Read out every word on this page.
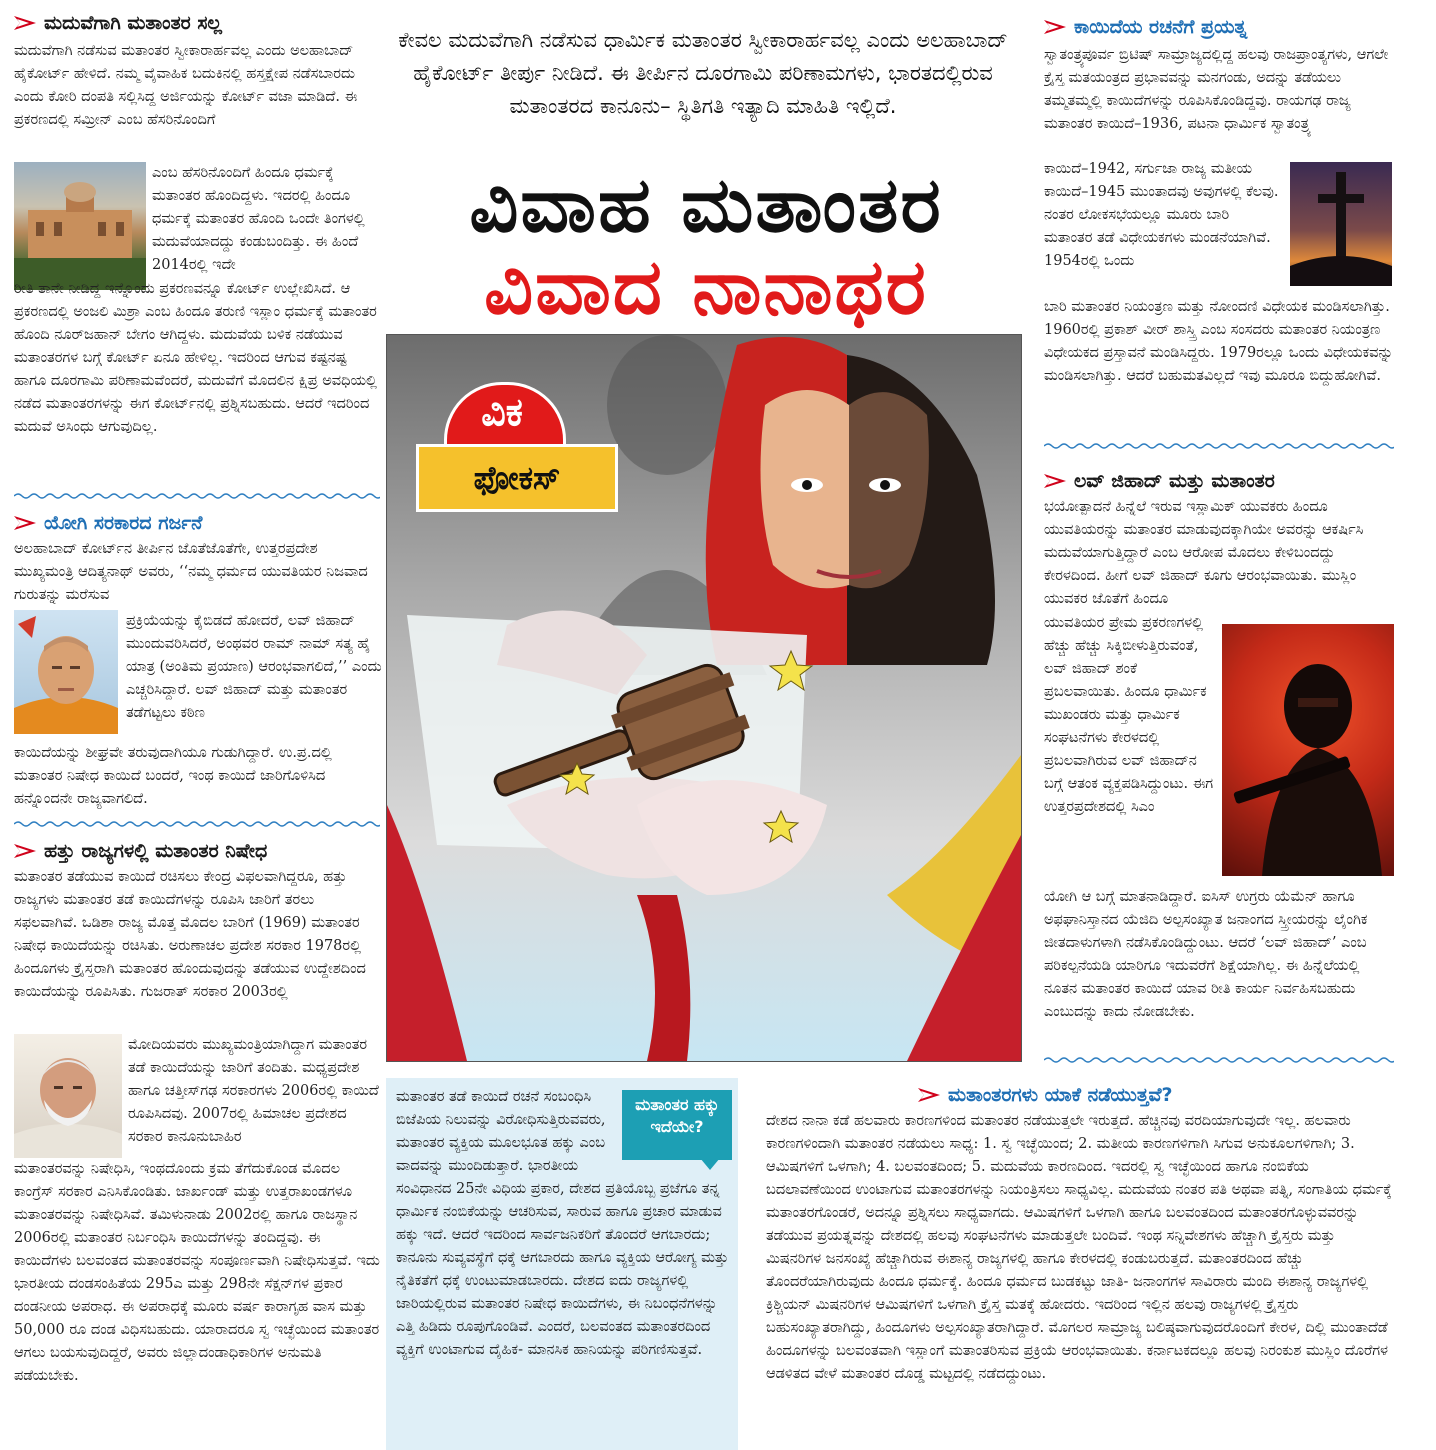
ಮದುವೆಗಾಗಿ ಮತಾಂತರ ಸಲ್ಲ

ಮದುವೆಗಾಗಿ ನಡೆಸುವ ಮತಾಂತರ ಸ್ವೀಕಾರಾರ್ಹವಲ್ಲ ಎಂದು ಅಲಹಾಬಾದ್ ಹೈಕೋರ್ಟ್ ಹೇಳಿದೆ. ನಮ್ಮ ವೈವಾಹಿಕ ಬದುಕಿನಲ್ಲಿ ಹಸ್ತಕ್ಷೇಪ ನಡೆಸಬಾರದು ಎಂದು ಕೋರಿ ದಂಪತಿ ಸಲ್ಲಿಸಿದ್ದ ಅರ್ಜಿಯನ್ನು ಕೋರ್ಟ್ ವಜಾ ಮಾಡಿದೆ. ಈ ಪ್ರಕರಣದಲ್ಲಿ ಸಮ್ರೀನ್ ಎಂಬ ಹೆಸರಿನೊಂದಿಗೆ

ಎಂಬ ಹೆಸರಿನೊಂದಿಗೆ ಹಿಂದೂ ಧರ್ಮಕ್ಕೆ ಮತಾಂತರ ಹೊಂದಿದ್ದಳು. ಇದರಲ್ಲಿ ಹಿಂದೂ ಧರ್ಮಕ್ಕೆ ಮತಾಂತರ ಹೊಂದಿ ಒಂದೇ ತಿಂಗಳಲ್ಲಿ ಮದುವೆಯಾದದ್ದು ಕಂಡುಬಂದಿತ್ತು. ಈ ಹಿಂದೆ 2014ರಲ್ಲಿ ಇದೇ

ರೀತಿ ತಾನೇ ನೀಡಿದ್ದ ಇನ್ನೊಂದು ಪ್ರಕರಣವನ್ನೂ ಕೋರ್ಟ್ ಉಲ್ಲೇಖಿಸಿದೆ. ಆ ಪ್ರಕರಣದಲ್ಲಿ ಅಂಜಲಿ ಮಿಶ್ರಾ ಎಂಬ ಹಿಂದೂ ತರುಣಿ ಇಸ್ಲಾಂ ಧರ್ಮಕ್ಕೆ ಮತಾಂತರ ಹೊಂದಿ ನೂರ್‌ಜಹಾನ್ ಬೇಗಂ ಆಗಿದ್ದಳು. ಮದುವೆಯ ಬಳಿಕ ನಡೆಯುವ ಮತಾಂತರಗಳ ಬಗ್ಗೆ ಕೋರ್ಟ್ ಏನೂ ಹೇಳಿಲ್ಲ. ಇದರಿಂದ ಆಗುವ ಕಷ್ಟನಷ್ಟ ಹಾಗೂ ದೂರಗಾಮಿ ಪರಿಣಾಮವೆಂದರೆ, ಮದುವೆಗೆ ಮೊದಲಿನ ಕ್ಷಿಪ್ರ ಅವಧಿಯಲ್ಲಿ ನಡೆದ ಮತಾಂತರಗಳನ್ನು ಈಗ ಕೋರ್ಟ್‌ನಲ್ಲಿ ಪ್ರಶ್ನಿಸಬಹುದು. ಆದರೆ ಇದರಿಂದ ಮದುವೆ ಅಸಿಂಧು ಆಗುವುದಿಲ್ಲ.

ಯೋಗಿ ಸರಕಾರದ ಗರ್ಜನೆ

ಅಲಹಾಬಾದ್ ಕೋರ್ಟ್‌ನ ತೀರ್ಪಿನ ಜೊತೆಜೊತೆಗೇ, ಉತ್ತರಪ್ರದೇಶ ಮುಖ್ಯಮಂತ್ರಿ ಆದಿತ್ಯನಾಥ್ ಅವರು, ‘‘ನಮ್ಮ ಧರ್ಮದ ಯುವತಿಯರ ನಿಜವಾದ ಗುರುತನ್ನು ಮರೆಸುವ

ಪ್ರಕ್ರಿಯೆಯನ್ನು ಕೈಬಿಡದೆ ಹೋದರೆ, ಲವ್ ಜಿಹಾದ್ ಮುಂದುವರಿಸಿದರೆ, ಅಂಥವರ ರಾಮ್ ನಾಮ್ ಸತ್ಯ ಹೈ ಯಾತ್ರ (ಅಂತಿಮ ಪ್ರಯಾಣ) ಆರಂಭವಾಗಲಿದೆ,’’ ಎಂದು ಎಚ್ಚರಿಸಿದ್ದಾರೆ. ಲವ್ ಜಿಹಾದ್ ಮತ್ತು ಮತಾಂತರ ತಡೆಗಟ್ಟಲು ಕಠಿಣ

ಕಾಯಿದೆಯನ್ನು ಶೀಘ್ರವೇ ತರುವುದಾಗಿಯೂ ಗುಡುಗಿದ್ದಾರೆ. ಉ.ಪ್ರ.ದಲ್ಲಿ ಮತಾಂತರ ನಿಷೇಧ ಕಾಯಿದೆ ಬಂದರೆ, ಇಂಥ ಕಾಯಿದೆ ಜಾರಿಗೊಳಿಸಿದ ಹನ್ನೊಂದನೇ ರಾಜ್ಯವಾಗಲಿದೆ.

ಹತ್ತು ರಾಜ್ಯಗಳಲ್ಲಿ ಮತಾಂತರ ನಿಷೇಧ

ಮತಾಂತರ ತಡೆಯುವ ಕಾಯಿದೆ ರಚಿಸಲು ಕೇಂದ್ರ ವಿಫಲವಾಗಿದ್ದರೂ, ಹತ್ತು ರಾಜ್ಯಗಳು ಮತಾಂತರ ತಡೆ ಕಾಯಿದೆಗಳನ್ನು ರೂಪಿಸಿ ಜಾರಿಗೆ ತರಲು ಸಫಲವಾಗಿವೆ. ಒಡಿಶಾ ರಾಜ್ಯ ಮೊತ್ತ ಮೊದಲ ಬಾರಿಗೆ (1969) ಮತಾಂತರ ನಿಷೇಧ ಕಾಯಿದೆಯನ್ನು ರಚಿಸಿತು. ಅರುಣಾಚಲ ಪ್ರದೇಶ ಸರಕಾರ 1978ರಲ್ಲಿ ಹಿಂದೂಗಳು ಕ್ರೈಸ್ತರಾಗಿ ಮತಾಂತರ ಹೊಂದುವುದನ್ನು ತಡೆಯುವ ಉದ್ದೇಶದಿಂದ ಕಾಯಿದೆಯನ್ನು ರೂಪಿಸಿತು. ಗುಜರಾತ್ ಸರಕಾರ 2003ರಲ್ಲಿ

ಮೋದಿಯವರು ಮುಖ್ಯಮಂತ್ರಿಯಾಗಿದ್ದಾಗ ಮತಾಂತರ ತಡೆ ಕಾಯಿದೆಯನ್ನು ಜಾರಿಗೆ ತಂದಿತು. ಮಧ್ಯಪ್ರದೇಶ ಹಾಗೂ ಚತ್ತೀಸ್‌ಗಢ ಸರಕಾರಗಳು 2006ರಲ್ಲಿ ಕಾಯಿದೆ ರೂಪಿಸಿದವು. 2007ರಲ್ಲಿ ಹಿಮಾಚಲ ಪ್ರದೇಶದ ಸರಕಾರ ಕಾನೂನುಬಾಹಿರ

ಮತಾಂತರವನ್ನು ನಿಷೇಧಿಸಿ, ಇಂಥದೊಂದು ಕ್ರಮ ತೆಗೆದುಕೊಂಡ ಮೊದಲ ಕಾಂಗ್ರೆಸ್ ಸರಕಾರ ಎನಿಸಿಕೊಂಡಿತು. ಜಾರ್ಖಂಡ್ ಮತ್ತು ಉತ್ತರಾಖಂಡಗಳೂ ಮತಾಂತರವನ್ನು ನಿಷೇಧಿಸಿವೆ. ತಮಿಳುನಾಡು 2002ರಲ್ಲಿ ಹಾಗೂ ರಾಜಸ್ಥಾನ 2006ರಲ್ಲಿ ಮತಾಂತರ ನಿರ್ಬಂಧಿಸಿ ಕಾಯಿದೆಗಳನ್ನು ತಂದಿದ್ದವು. ಈ ಕಾಯಿದೆಗಳು ಬಲವಂತದ ಮತಾಂತರವನ್ನು ಸಂಪೂರ್ಣವಾಗಿ ನಿಷೇಧಿಸುತ್ತವೆ. ಇದು ಭಾರತೀಯ ದಂಡಸಂಹಿತೆಯ 295ಎ ಮತ್ತು 298ನೇ ಸೆಕ್ಷನ್‌ಗಳ ಪ್ರಕಾರ ದಂಡನೀಯ ಅಪರಾಧ. ಈ ಅಪರಾಧಕ್ಕೆ ಮೂರು ವರ್ಷ ಕಾರಾಗೃಹ ವಾಸ ಮತ್ತು 50,000 ರೂ ದಂಡ ವಿಧಿಸಬಹುದು. ಯಾರಾದರೂ ಸ್ವ ಇಚ್ಛೆಯಿಂದ ಮತಾಂತರ ಆಗಲು ಬಯಸುವುದಿದ್ದರೆ, ಅವರು ಜಿಲ್ಲಾದಂಡಾಧಿಕಾರಿಗಳ ಅನುಮತಿ ಪಡೆಯಬೇಕು.

ಕೇವಲ ಮದುವೆಗಾಗಿ ನಡೆಸುವ ಧಾರ್ಮಿಕ ಮತಾಂತರ ಸ್ವೀಕಾರಾರ್ಹವಲ್ಲ ಎಂದು ಅಲಹಾಬಾದ್ ಹೈಕೋರ್ಟ್ ತೀರ್ಪು ನೀಡಿದೆ. ಈ ತೀರ್ಪಿನ ದೂರಗಾಮಿ ಪರಿಣಾಮಗಳು, ಭಾರತದಲ್ಲಿರುವ ಮತಾಂತರದ ಕಾನೂನು– ಸ್ಥಿತಿಗತಿ ಇತ್ಯಾದಿ ಮಾಹಿತಿ ಇಲ್ಲಿದೆ.

ವಿವಾಹ ಮತಾಂತರ
ವಿವಾದ ನಾನಾಥರ
ವಿಕ
ಫೋಕಸ್
ಮತಾಂತರ ಹಕ್ಕು ಇದೆಯೇ?

ಮತಾಂತರ ತಡೆ ಕಾಯಿದೆ ರಚನೆ ಸಂಬಂಧಿಸಿ ಬಿಜೆಪಿಯ ನಿಲುವನ್ನು ವಿರೋಧಿಸುತ್ತಿರುವವರು, ಮತಾಂತರ ವ್ಯಕ್ತಿಯ ಮೂಲಭೂತ ಹಕ್ಕು ಎಂಬ ವಾದವನ್ನು ಮುಂದಿಡುತ್ತಾರೆ. ಭಾರತೀಯ ಸಂವಿಧಾನದ 25ನೇ ವಿಧಿಯ ಪ್ರಕಾರ, ದೇಶದ ಪ್ರತಿಯೊಬ್ಬ ಪ್ರಜೆಗೂ ತನ್ನ ಧಾರ್ಮಿಕ ನಂಬಿಕೆಯನ್ನು ಆಚರಿಸುವ, ಸಾರುವ ಹಾಗೂ ಪ್ರಚಾರ ಮಾಡುವ ಹಕ್ಕು ಇದೆ. ಆದರೆ ಇದರಿಂದ ಸಾರ್ವಜನಿಕರಿಗೆ ತೊಂದರೆ ಆಗಬಾರದು; ಕಾನೂನು ಸುವ್ಯವಸ್ಥೆಗೆ ಧಕ್ಕೆ ಆಗಬಾರದು ಹಾಗೂ ವ್ಯಕ್ತಿಯ ಆರೋಗ್ಯ ಮತ್ತು ನೈತಿಕತೆಗೆ ಧಕ್ಕೆ ಉಂಟುಮಾಡಬಾರದು. ದೇಶದ ಐದು ರಾಜ್ಯಗಳಲ್ಲಿ ಜಾರಿಯಲ್ಲಿರುವ ಮತಾಂತರ ನಿಷೇಧ ಕಾಯಿದೆಗಳು, ಈ ನಿಬಂಧನೆಗಳನ್ನು ಎತ್ತಿ ಹಿಡಿದು ರೂಪುಗೊಂಡಿವೆ. ಎಂದರೆ, ಬಲವಂತದ ಮತಾಂತರದಿಂದ ವ್ಯಕ್ತಿಗೆ ಉಂಟಾಗುವ ದೈಹಿಕ- ಮಾನಸಿಕ ಹಾನಿಯನ್ನು ಪರಿಗಣಿಸುತ್ತವೆ.

ಕಾಯಿದೆಯ ರಚನೆಗೆ ಪ್ರಯತ್ನ

ಸ್ವಾತಂತ್ರ್ಯಪೂರ್ವ ಬ್ರಿಟಿಷ್ ಸಾಮ್ರಾಜ್ಯದಲ್ಲಿದ್ದ ಹಲವು ರಾಜಪ್ರಾಂತ್ಯಗಳು, ಆಗಲೇ ಕ್ರೈಸ್ತ ಮತಯಂತ್ರದ ಪ್ರಭಾವವನ್ನು ಮನಗಂಡು, ಅದನ್ನು ತಡೆಯಲು ತಮ್ಮತಮ್ಮಲ್ಲಿ ಕಾಯಿದೆಗಳನ್ನು ರೂಪಿಸಿಕೊಂಡಿದ್ದವು. ರಾಯಗಢ ರಾಜ್ಯ ಮತಾಂತರ ಕಾಯಿದೆ–1936, ಪಟನಾ ಧಾರ್ಮಿಕ ಸ್ವಾತಂತ್ರ್ಯ

ಕಾಯಿದೆ–1942, ಸರ್ಗುಜಾ ರಾಜ್ಯ ಮತೀಯ ಕಾಯಿದೆ–1945 ಮುಂತಾದವು ಅವುಗಳಲ್ಲಿ ಕೆಲವು. ನಂತರ ಲೋಕಸಭೆಯಲ್ಲೂ ಮೂರು ಬಾರಿ ಮತಾಂತರ ತಡೆ ವಿಧೇಯಕಗಳು ಮಂಡನೆಯಾಗಿವೆ. 1954ರಲ್ಲಿ ಒಂದು

ಬಾರಿ ಮತಾಂತರ ನಿಯಂತ್ರಣ ಮತ್ತು ನೋಂದಣಿ ವಿಧೇಯಕ ಮಂಡಿಸಲಾಗಿತ್ತು. 1960ರಲ್ಲಿ ಪ್ರಕಾಶ್ ವೀರ್ ಶಾಸ್ತ್ರಿ ಎಂಬ ಸಂಸದರು ಮತಾಂತರ ನಿಯಂತ್ರಣ ವಿಧೇಯಕದ ಪ್ರಸ್ತಾವನೆ ಮಂಡಿಸಿದ್ದರು. 1979ರಲ್ಲೂ ಒಂದು ವಿಧೇಯಕವನ್ನು ಮಂಡಿಸಲಾಗಿತ್ತು. ಆದರೆ ಬಹುಮತವಿಲ್ಲದೆ ಇವು ಮೂರೂ ಬಿದ್ದುಹೋಗಿವೆ.

ಲವ್ ಜಿಹಾದ್ ಮತ್ತು ಮತಾಂತರ

ಭಯೋತ್ಪಾದನೆ ಹಿನ್ನೆಲೆ ಇರುವ ಇಸ್ಲಾಮಿಕ್ ಯುವಕರು ಹಿಂದೂ ಯುವತಿಯರನ್ನು ಮತಾಂತರ ಮಾಡುವುದಕ್ಕಾಗಿಯೇ ಅವರನ್ನು ಆಕರ್ಷಿಸಿ ಮದುವೆಯಾಗುತ್ತಿದ್ದಾರೆ ಎಂಬ ಆರೋಪ ಮೊದಲು ಕೇಳಿಬಂದದ್ದು ಕೇರಳದಿಂದ. ಹೀಗೆ ಲವ್ ಜಿಹಾದ್ ಕೂಗು ಆರಂಭವಾಯಿತು. ಮುಸ್ಲಿಂ ಯುವಕರ ಜೊತೆಗೆ ಹಿಂದೂ

ಯುವತಿಯರ ಪ್ರೇಮ ಪ್ರಕರಣಗಳಲ್ಲಿ ಹೆಚ್ಚು ಹೆಚ್ಚು ಸಿಕ್ಕಿಬೀಳುತ್ತಿರುವಂತೆ, ಲವ್ ಜಿಹಾದ್ ಶಂಕೆ ಪ್ರಬಲವಾಯಿತು. ಹಿಂದೂ ಧಾರ್ಮಿಕ ಮುಖಂಡರು ಮತ್ತು ಧಾರ್ಮಿಕ ಸಂಘಟನೆಗಳು ಕೇರಳದಲ್ಲಿ ಪ್ರಬಲವಾಗಿರುವ ಲವ್ ಜಿಹಾದ್‌ನ ಬಗ್ಗೆ ಆತಂಕ ವ್ಯಕ್ತಪಡಿಸಿದ್ದುಂಟು. ಈಗ ಉತ್ತರಪ್ರದೇಶದಲ್ಲಿ ಸಿಎಂ

ಯೋಗಿ ಆ ಬಗ್ಗೆ ಮಾತನಾಡಿದ್ದಾರೆ. ಐಸಿಸ್ ಉಗ್ರರು ಯೆಮೆನ್ ಹಾಗೂ ಅಫಘಾನಿಸ್ತಾನದ ಯೆಜಿದಿ ಅಲ್ಪಸಂಖ್ಯಾತ ಜನಾಂಗದ ಸ್ತ್ರೀಯರನ್ನು ಲೈಂಗಿಕ ಜೀತದಾಳುಗಳಾಗಿ ನಡೆಸಿಕೊಂಡಿದ್ದುಂಟು. ಆದರೆ ‘ಲವ್ ಜಿಹಾದ್’ ಎಂಬ ಪರಿಕಲ್ಪನೆಯಡಿ ಯಾರಿಗೂ ಇದುವರೆಗೆ ಶಿಕ್ಷೆಯಾಗಿಲ್ಲ. ಈ ಹಿನ್ನೆಲೆಯಲ್ಲಿ ನೂತನ ಮತಾಂತರ ಕಾಯಿದೆ ಯಾವ ರೀತಿ ಕಾರ್ಯ ನಿರ್ವಹಿಸಬಹುದು ಎಂಬುದನ್ನು ಕಾದು ನೋಡಬೇಕು.

ಮತಾಂತರಗಳು ಯಾಕೆ ನಡೆಯುತ್ತವೆ?

ದೇಶದ ನಾನಾ ಕಡೆ ಹಲವಾರು ಕಾರಣಗಳಿಂದ ಮತಾಂತರ ನಡೆಯುತ್ತಲೇ ಇರುತ್ತದೆ. ಹೆಚ್ಚಿನವು ವರದಿಯಾಗುವುದೇ ಇಲ್ಲ. ಹಲವಾರು ಕಾರಣಗಳಿಂದಾಗಿ ಮತಾಂತರ ನಡೆಯಲು ಸಾಧ್ಯ: 1. ಸ್ವ ಇಚ್ಛೆಯಿಂದ; 2. ಮತೀಯ ಕಾರಣಗಳಿಗಾಗಿ ಸಿಗುವ ಅನುಕೂಲಗಳಿಗಾಗಿ; 3. ಆಮಿಷಗಳಿಗೆ ಒಳಗಾಗಿ; 4. ಬಲವಂತದಿಂದ; 5. ಮದುವೆಯ ಕಾರಣದಿಂದ. ಇದರಲ್ಲಿ ಸ್ವ ಇಚ್ಛೆಯಿಂದ ಹಾಗೂ ನಂಬಿಕೆಯ ಬದಲಾವಣೆಯಿಂದ ಉಂಟಾಗುವ ಮತಾಂತರಗಳನ್ನು ನಿಯಂತ್ರಿಸಲು ಸಾಧ್ಯವಿಲ್ಲ. ಮದುವೆಯ ನಂತರ ಪತಿ ಅಥವಾ ಪತ್ನಿ, ಸಂಗಾತಿಯ ಧರ್ಮಕ್ಕೆ ಮತಾಂತರಗೊಂಡರೆ, ಅದನ್ನೂ ಪ್ರಶ್ನಿಸಲು ಸಾಧ್ಯವಾಗದು. ಆಮಿಷಗಳಿಗೆ ಒಳಗಾಗಿ ಹಾಗೂ ಬಲವಂತದಿಂದ ಮತಾಂತರಗೊಳ್ಳುವವರನ್ನು ತಡೆಯುವ ಪ್ರಯತ್ನವನ್ನು ದೇಶದಲ್ಲಿ ಹಲವು ಸಂಘಟನೆಗಳು ಮಾಡುತ್ತಲೇ ಬಂದಿವೆ. ಇಂಥ ಸನ್ನಿವೇಶಗಳು ಹೆಚ್ಚಾಗಿ ಕ್ರೈಸ್ತರು ಮತ್ತು ಮಿಷನರಿಗಳ ಜನಸಂಖ್ಯೆ ಹೆಚ್ಚಾಗಿರುವ ಈಶಾನ್ಯ ರಾಜ್ಯಗಳಲ್ಲಿ ಹಾಗೂ ಕೇರಳದಲ್ಲಿ ಕಂಡುಬರುತ್ತದೆ. ಮತಾಂತರದಿಂದ ಹೆಚ್ಚು ತೊಂದರೆಯಾಗಿರುವುದು ಹಿಂದೂ ಧರ್ಮಕ್ಕೆ. ಹಿಂದೂ ಧರ್ಮದ ಬುಡಕಟ್ಟು ಜಾತಿ- ಜನಾಂಗಗಳ ಸಾವಿರಾರು ಮಂದಿ ಈಶಾನ್ಯ ರಾಜ್ಯಗಳಲ್ಲಿ ಕ್ರಿಶ್ಚಿಯನ್ ಮಿಷನರಿಗಳ ಆಮಿಷಗಳಿಗೆ ಒಳಗಾಗಿ ಕ್ರೈಸ್ತ ಮತಕ್ಕೆ ಹೋದರು. ಇದರಿಂದ ಇಲ್ಲಿನ ಹಲವು ರಾಜ್ಯಗಳಲ್ಲಿ ಕ್ರೈಸ್ತರು ಬಹುಸಂಖ್ಯಾತರಾಗಿದ್ದು, ಹಿಂದೂಗಳು ಅಲ್ಪಸಂಖ್ಯಾತರಾಗಿದ್ದಾರೆ. ಮೊಗಲರ ಸಾಮ್ರಾಜ್ಯ ಬಲಿಷ್ಠವಾಗುವುದರೊಂದಿಗೆ ಕೇರಳ, ದಿಲ್ಲಿ ಮುಂತಾದೆಡೆ ಹಿಂದೂಗಳನ್ನು ಬಲವಂತವಾಗಿ ಇಸ್ಲಾಂಗೆ ಮತಾಂತರಿಸುವ ಪ್ರಕ್ರಿಯೆ ಆರಂಭವಾಯಿತು. ಕರ್ನಾಟಕದಲ್ಲೂ ಹಲವು ನಿರಂಕುಶ ಮುಸ್ಲಿಂ ದೊರೆಗಳ ಆಡಳಿತದ ವೇಳೆ ಮತಾಂತರ ದೊಡ್ಡ ಮಟ್ಟದಲ್ಲಿ ನಡೆದದ್ದುಂಟು.
